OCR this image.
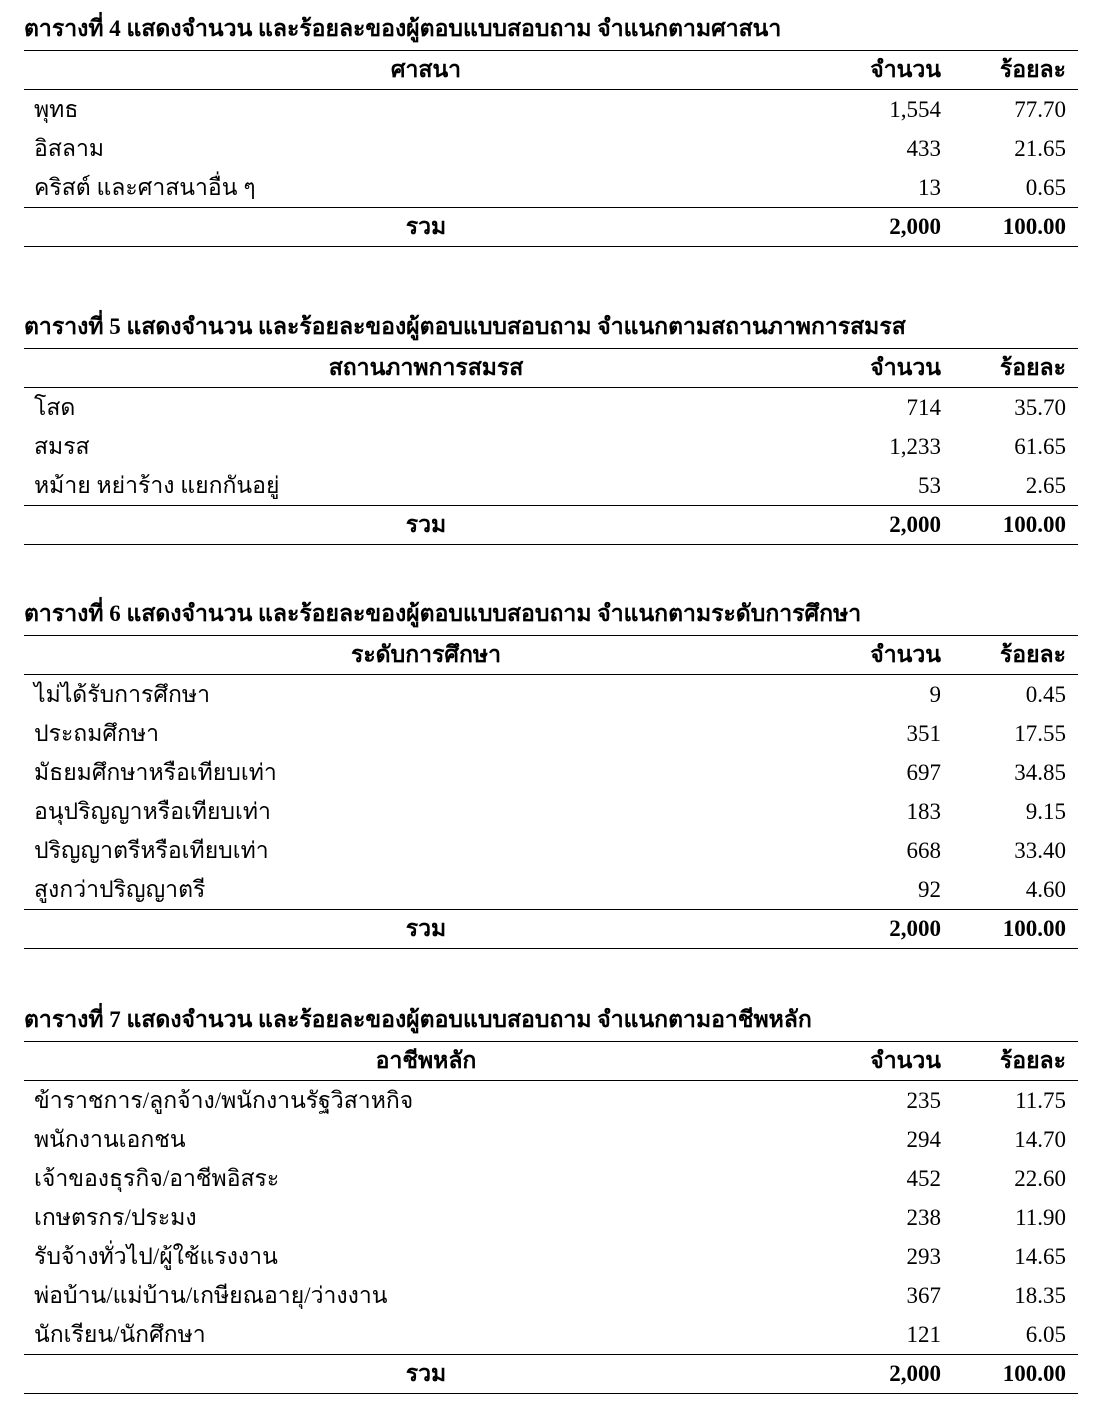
ตารางที่ 4 แสดงจำนวน และร้อยละของผู้ตอบแบบสอบถาม จำแนกตามศาสนา

ศาสนา	จำนวน	ร้อยละ
พุทธ	1,554	77.70
อิสลาม	433	21.65
คริสต์ และศาสนาอื่น ๆ	13	0.65
รวม	2,000	100.00

ตารางที่ 5 แสดงจำนวน และร้อยละของผู้ตอบแบบสอบถาม จำแนกตามสถานภาพการสมรส

สถานภาพการสมรส	จำนวน	ร้อยละ
โสด	714	35.70
สมรส	1,233	61.65
หม้าย หย่าร้าง แยกกันอยู่	53	2.65
รวม	2,000	100.00

ตารางที่ 6 แสดงจำนวน และร้อยละของผู้ตอบแบบสอบถาม จำแนกตามระดับการศึกษา

ระดับการศึกษา	จำนวน	ร้อยละ
ไม่ได้รับการศึกษา	9	0.45
ประถมศึกษา	351	17.55
มัธยมศึกษาหรือเทียบเท่า	697	34.85
อนุปริญญาหรือเทียบเท่า	183	9.15
ปริญญาตรีหรือเทียบเท่า	668	33.40
สูงกว่าปริญญาตรี	92	4.60
รวม	2,000	100.00

ตารางที่ 7 แสดงจำนวน และร้อยละของผู้ตอบแบบสอบถาม จำแนกตามอาชีพหลัก

อาชีพหลัก	จำนวน	ร้อยละ
ข้าราชการ/ลูกจ้าง/พนักงานรัฐวิสาหกิจ	235	11.75
พนักงานเอกชน	294	14.70
เจ้าของธุรกิจ/อาชีพอิสระ	452	22.60
เกษตรกร/ประมง	238	11.90
รับจ้างทั่วไป/ผู้ใช้แรงงาน	293	14.65
พ่อบ้าน/แม่บ้าน/เกษียณอายุ/ว่างงาน	367	18.35
นักเรียน/นักศึกษา	121	6.05
รวม	2,000	100.00
